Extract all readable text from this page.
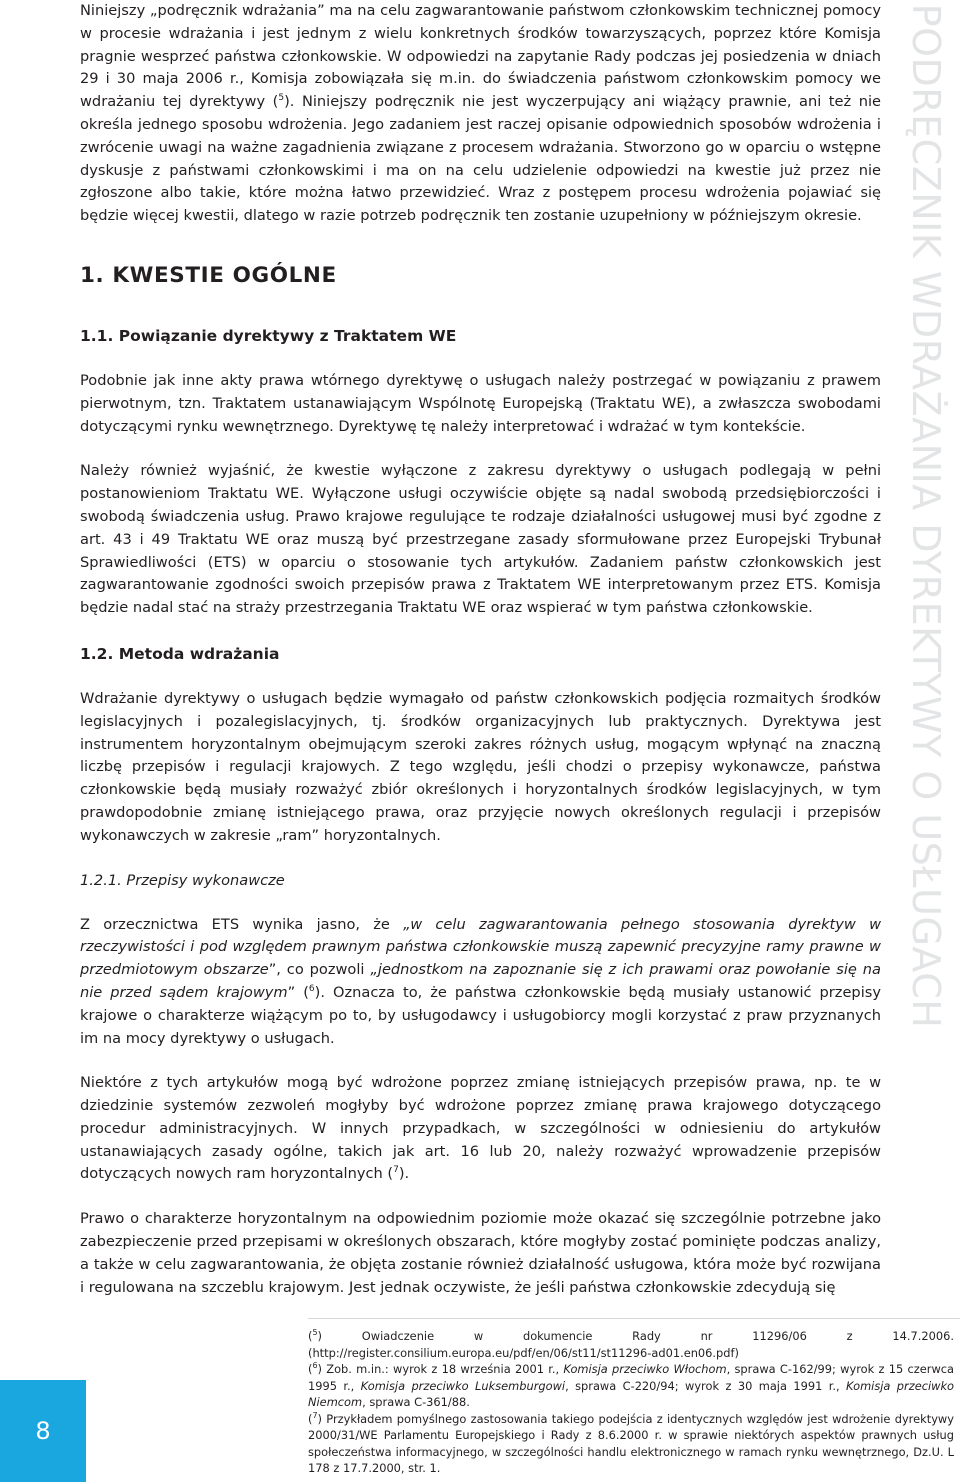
Niniejszy „podręcznik wdrażania” ma na celu zagwarantowanie państwom członkowskim technicznej pomocy w procesie wdrażania i jest jednym z wielu konkretnych środków towarzyszących, poprzez które Komisja pragnie wesprzeć państwa członkowskie. W odpowiedzi na zapytanie Rady podczas jej posiedzenia w dniach 29 i 30 maja 2006 r., Komisja zobowiązała się m.in. do świadczenia państwom członkowskim pomocy we wdrażaniu tej dyrektywy ($^5$). Niniejszy podręcznik nie jest wyczerpujący ani wiążący prawnie, ani też nie określa jednego sposobu wdrożenia. Jego zadaniem jest raczej opisanie odpowiednich sposobów wdrożenia i zwrócenie uwagi na ważne zagadnienia związane z procesem wdrażania. Stworzono go w oparciu o wstępne dyskusje z państwami członkowskimi i ma on na celu udzielenie odpowiedzi na kwestie już przez nie zgłoszone albo takie, które można łatwo przewidzieć. Wraz z postępem procesu wdrożenia pojawiać się będzie więcej kwestii, dlatego w razie potrzeb podręcznik ten zostanie uzupełniony w późniejszym okresie.

1. KWESTIE OGÓLNE
1.1. Powiązanie dyrektywy z Traktatem WE

Podobnie jak inne akty prawa wtórnego dyrektywę o usługach należy postrzegać w powiązaniu z prawem pierwotnym, tzn. Traktatem ustanawiającym Wspólnotę Europejską (Traktatu WE), a zwłaszcza swobodami dotyczącymi rynku wewnętrznego. Dyrektywę tę należy interpretować i wdrażać w tym kontekście.

Należy również wyjaśnić, że kwestie wyłączone z zakresu dyrektywy o usługach podlegają w pełni postanowieniom Traktatu WE. Wyłączone usługi oczywiście objęte są nadal swobodą przedsiębiorczości i swobodą świadczenia usług. Prawo krajowe regulujące te rodzaje działalności usługowej musi być zgodne z art. 43 i 49 Traktatu WE oraz muszą być przestrzegane zasady sformułowane przez Europejski Trybunał Sprawiedliwości (ETS) w oparciu o stosowanie tych artykułów. Zadaniem państw członkowskich jest zagwarantowanie zgodności swoich przepisów prawa z Traktatem WE interpretowanym przez ETS. Komisja będzie nadal stać na straży przestrzegania Traktatu WE oraz wspierać w tym państwa członkowskie.

1.2. Metoda wdrażania

Wdrażanie dyrektywy o usługach będzie wymagało od państw członkowskich podjęcia rozmaitych środków legislacyjnych i pozalegislacyjnych, tj. środków organizacyjnych lub praktycznych. Dyrektywa jest instrumentem horyzontalnym obejmującym szeroki zakres różnych usług, mogącym wpłynąć na znaczną liczbę przepisów i regulacji krajowych. Z tego względu, jeśli chodzi o przepisy wykonawcze, państwa członkowskie będą musiały rozważyć zbiór określonych i horyzontalnych środków legislacyjnych, w tym prawdopodobnie zmianę istniejącego prawa, oraz przyjęcie nowych określonych regulacji i przepisów wykonawczych w zakresie „ram” horyzontalnych.

1.2.1. Przepisy wykonawcze

Z orzecznictwa ETS wynika jasno, że „w celu zagwarantowania pełnego stosowania dyrektyw w rzeczywistości i pod względem prawnym państwa członkowskie muszą zapewnić precyzyjne ramy prawne w przedmiotowym obszarze”, co pozwoli „jednostkom na zapoznanie się z ich prawami oraz powołanie się na nie przed sądem krajowym” ($^6$). Oznacza to, że państwa członkowskie będą musiały ustanowić przepisy krajowe o charakterze wiążącym po to, by usługodawcy i usługobiorcy mogli korzystać z praw przyznanych im na mocy dyrektywy o usługach.

Niektóre z tych artykułów mogą być wdrożone poprzez zmianę istniejących przepisów prawa, np. te w dziedzinie systemów zezwoleń mogłyby być wdrożone poprzez zmianę prawa krajowego dotyczącego procedur administracyjnych. W innych przypadkach, w szczególności w odniesieniu do artykułów ustanawiających zasady ogólne, takich jak art. 16 lub 20, należy rozważyć wprowadzenie przepisów dotyczących nowych ram horyzontalnych ($^7$).

Prawo o charakterze horyzontalnym na odpowiednim poziomie może okazać się szczególnie potrzebne jako zabezpieczenie przed przepisami w określonych obszarach, które mogłyby zostać pominięte podczas analizy, a także w celu zagwarantowania, że objęta zostanie również działalność usługowa, która może być rozwijana i regulowana na szczeblu krajowym. Jest jednak oczywiste, że jeśli państwa członkowskie zdecydują się

PODRĘCZNIK WDRAŻANIA DYREKTYWY O USŁUGACH

($^5$) Owiadczenie w dokumencie Rady nr 11296/06 z 14.7.2006. (http://register.consilium.europa.eu/pdf/en/06/st11/st11296-ad01.en06.pdf)

($^6$) Zob. m.in.: wyrok z 18 września 2001 r., Komisja przeciwko Włochom, sprawa C-162/99; wyrok z 15 czerwca 1995 r., Komisja przeciwko Luksemburgowi, sprawa C-220/94; wyrok z 30 maja 1991 r., Komisja przeciwko Niemcom, sprawa C-361/88.

($^7$) Przykładem pomyślnego zastosowania takiego podejścia z identycznych względów jest wdrożenie dyrektywy 2000/31/WE Parlamentu Europejskiego i Rady z 8.6.2000 r. w sprawie niektórych aspektów prawnych usług społeczeństwa informacyjnego, w szczególności handlu elektronicznego w ramach rynku wewnętrznego, Dz.U. L 178 z 17.7.2000, str. 1.

8
